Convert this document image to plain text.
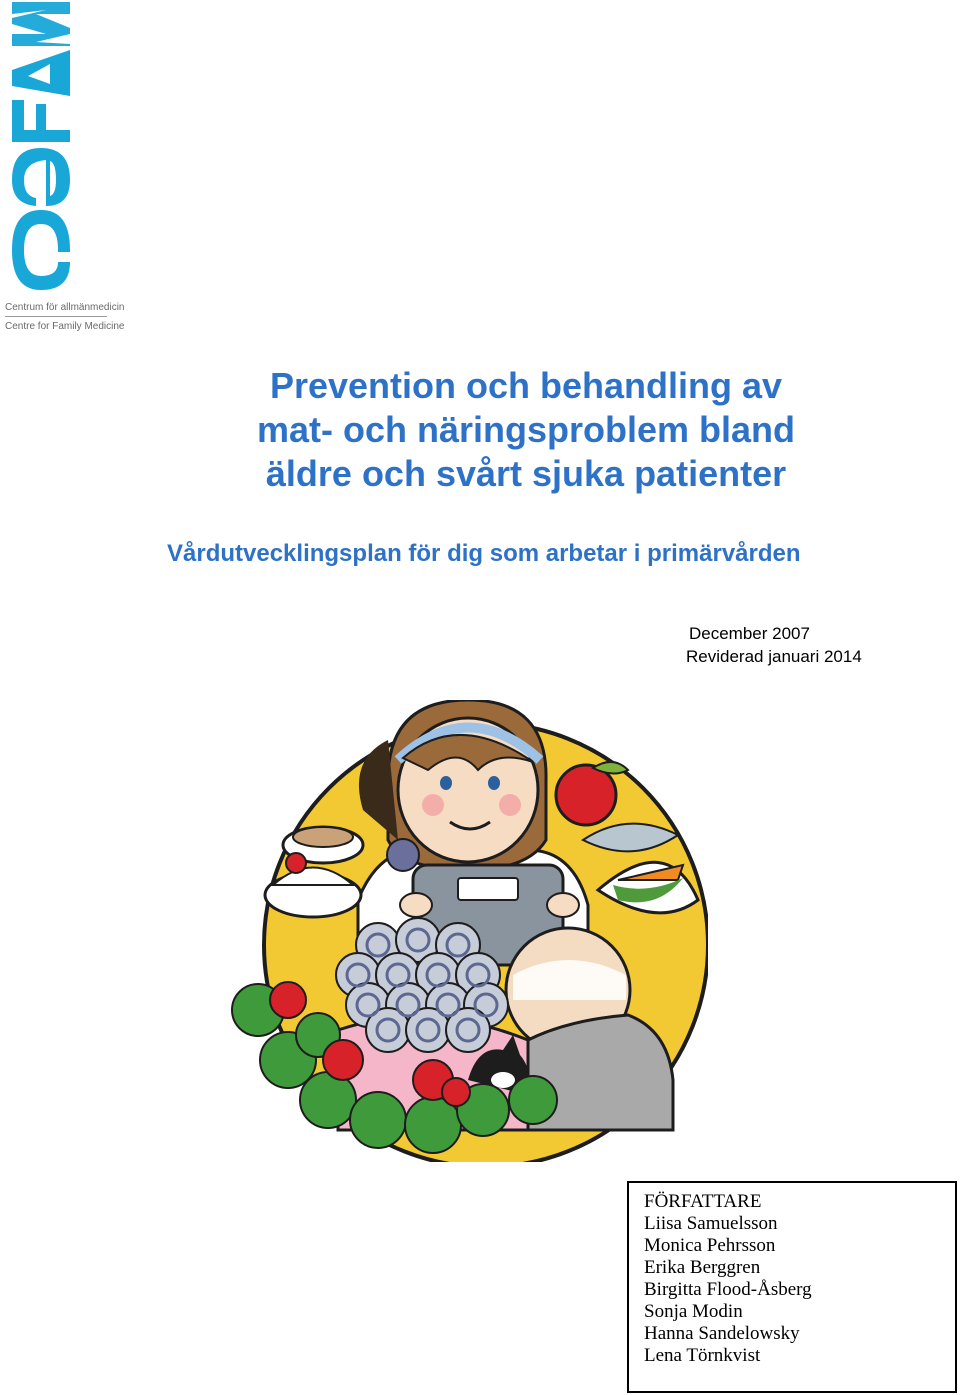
Centrum för allmänmedicin
Centre for Family Medicine
Prevention och behandling av
mat- och näringsproblem bland
äldre och svårt sjuka patienter
Vårdutvecklingsplan för dig som arbetar i primärvården
December 2007
Reviderad januari 2014
FÖRFATTARE
Liisa Samuelsson
Monica Pehrsson
Erika Berggren
Birgitta Flood-Åsberg
Sonja Modin
Hanna Sandelowsky
Lena Törnkvist
